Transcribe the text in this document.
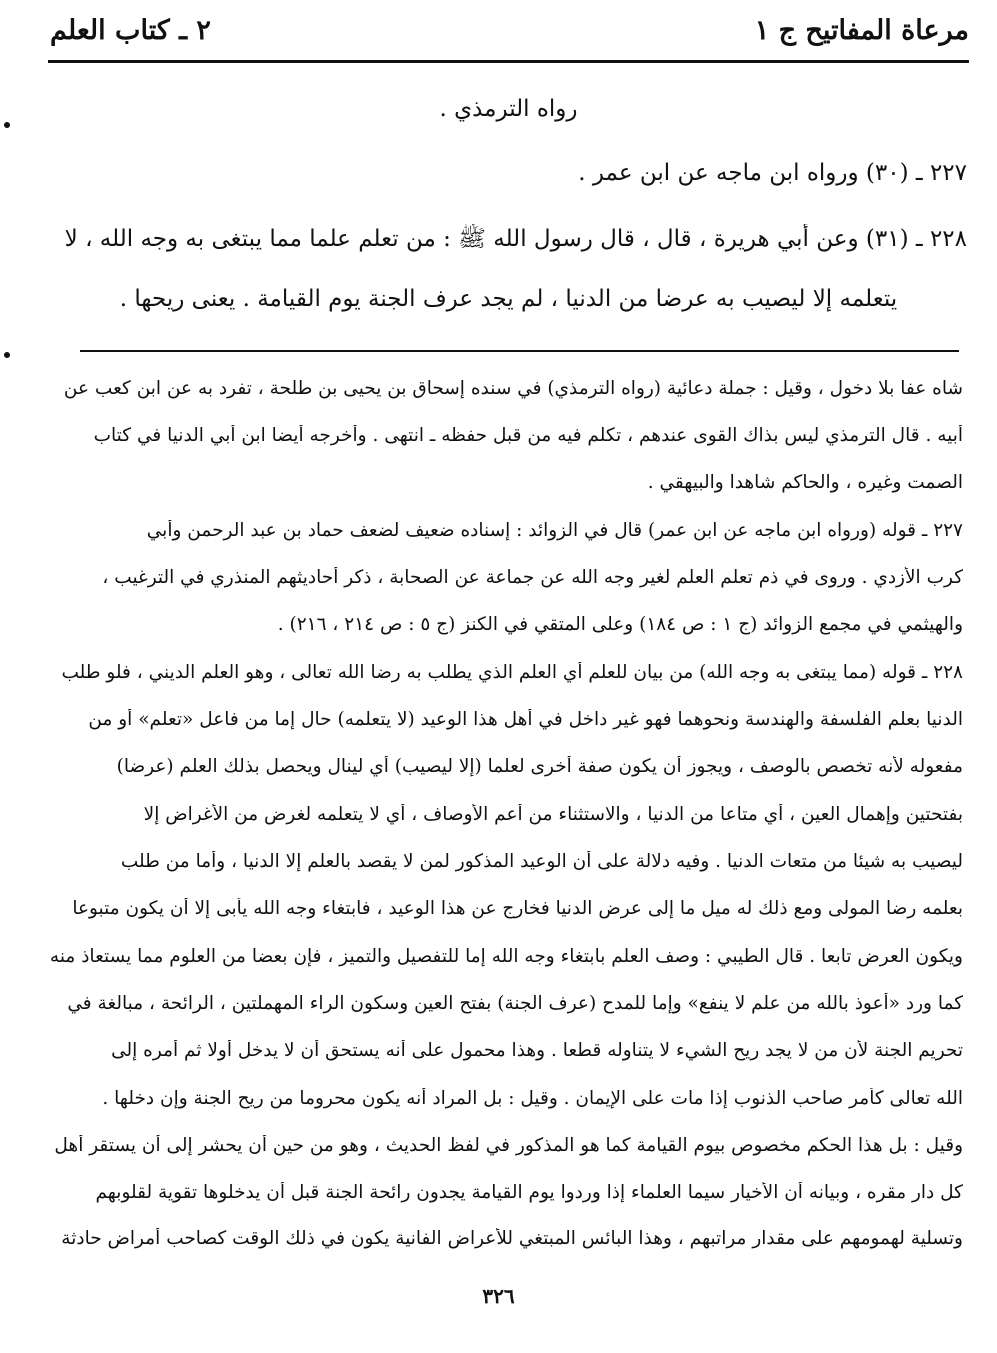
مرعاة المفاتيح ج ١
٢ ـ كتاب العلم
رواه الترمذي .
٢٢٧ ـ (٣٠) ورواه ابن ماجه عن ابن عمر .
٢٢٨ ـ (٣١) وعن أبي هريرة ، قال ، قال رسول الله ﷺ : من تعلم علما مما يبتغى به وجه الله ، لا
يتعلمه إلا ليصيب به عرضا من الدنيا ، لم يجد عرف الجنة يوم القيامة . يعنى ريحها .
شاه عفا بلا دخول ، وقيل : جملة دعائية (رواه الترمذي) في سنده إسحاق بن يحيى بن طلحة ، تفرد به عن ابن كعب عن
أبيه . قال الترمذي ليس بذاك القوى عندهم ، تكلم فيه من قبل حفظه ـ انتهى . وأخرجه أيضا ابن أبي الدنيا في كتاب
الصمت وغيره ، والحاكم شاهدا والبيهقي .
٢٢٧ ـ قوله (ورواه ابن ماجه عن ابن عمر) قال في الزوائد : إسناده ضعيف لضعف حماد بن عبد الرحمن وأبي
كرب الأزدي . وروى في ذم تعلم العلم لغير وجه الله عن جماعة عن الصحابة ، ذكر أحاديثهم المنذري في الترغيب ،
والهيثمي في مجمع الزوائد (ج ١ : ص ١٨٤) وعلى المتقي في الكنز (ج ٥ : ص ٢١٤ ، ٢١٦) .
٢٢٨ ـ قوله (مما يبتغى به وجه الله) من بيان للعلم أي العلم الذي يطلب به رضا الله تعالى ، وهو العلم الديني ، فلو طلب
الدنيا بعلم الفلسفة والهندسة ونحوهما فهو غير داخل في أهل هذا الوعيد (لا يتعلمه) حال إما من فاعل «تعلم» أو من
مفعوله لأنه تخصص بالوصف ، ويجوز أن يكون صفة أخرى لعلما (إلا ليصيب) أي لينال ويحصل بذلك العلم (عرضا)
بفتحتين وإهمال العين ، أي متاعا من الدنيا ، والاستثناء من أعم الأوصاف ، أي لا يتعلمه لغرض من الأغراض إلا
ليصيب به شيئا من متعات الدنيا . وفيه دلالة على أن الوعيد المذكور لمن لا يقصد بالعلم إلا الدنيا ، وأما من طلب
بعلمه رضا المولى ومع ذلك له ميل ما إلى عرض الدنيا فخارج عن هذا الوعيد ، فابتغاء وجه الله يأبى إلا أن يكون متبوعا
ويكون العرض تابعا . قال الطيبي : وصف العلم بابتغاء وجه الله إما للتفصيل والتميز ، فإن بعضا من العلوم مما يستعاذ منه
كما ورد «أعوذ بالله من علم لا ينفع» وإما للمدح (عرف الجنة) بفتح العين وسكون الراء المهملتين ، الرائحة ، مبالغة في
تحريم الجنة لأن من لا يجد ريح الشيء لا يتناوله قطعا . وهذا محمول على أنه يستحق أن لا يدخل أولا ثم أمره إلى
الله تعالى كأمر صاحب الذنوب إذا مات على الإيمان . وقيل : بل المراد أنه يكون محروما من ريح الجنة وإن دخلها .
وقيل : بل هذا الحكم مخصوص بيوم القيامة كما هو المذكور في لفظ الحديث ، وهو من حين أن يحشر إلى أن يستقر أهل
كل دار مقره ، وبيانه أن الأخيار سيما العلماء إذا وردوا يوم القيامة يجدون رائحة الجنة قبل أن يدخلوها تقوية لقلوبهم
وتسلية لهمومهم على مقدار مراتبهم ، وهذا البائس المبتغي للأعراض الفانية يكون في ذلك الوقت كصاحب أمراض حادثة
٣٢٦
